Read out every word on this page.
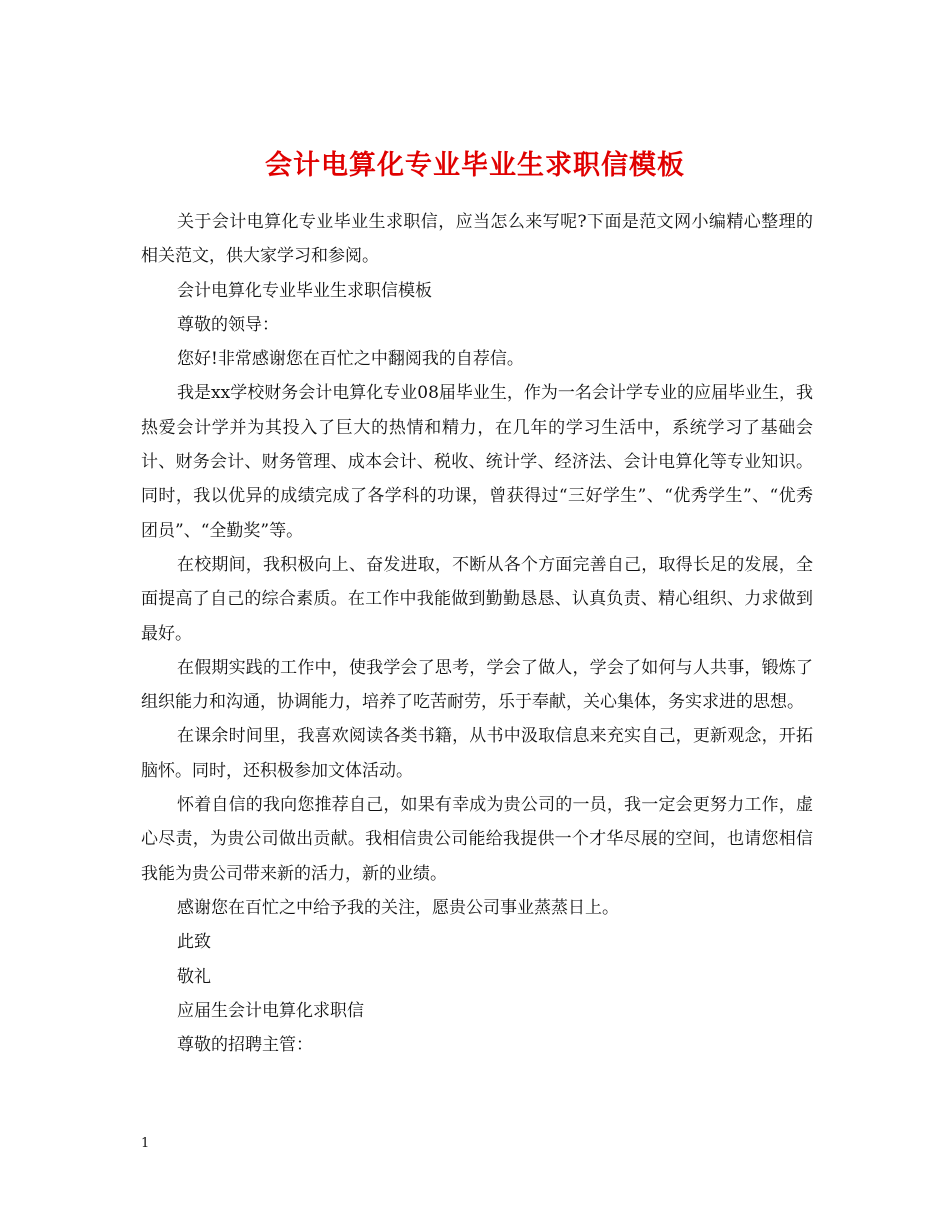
会计电算化专业毕业生求职信模板

关于会计电算化专业毕业生求职信，应当怎么来写呢?下面是范文网小编精心整理的相关范文，供大家学习和参阅。

会计电算化专业毕业生求职信模板

尊敬的领导：

您好!非常感谢您在百忙之中翻阅我的自荐信。

我是xx学校财务会计电算化专业08届毕业生，作为一名会计学专业的应届毕业生，我热爱会计学并为其投入了巨大的热情和精力，在几年的学习生活中，系统学习了基础会计、财务会计、财务管理、成本会计、税收、统计学、经济法、会计电算化等专业知识。同时，我以优异的成绩完成了各学科的功课，曾获得过“三好学生”、“优秀学生”、“优秀团员”、“全勤奖”等。

在校期间，我积极向上、奋发进取，不断从各个方面完善自己，取得长足的发展，全面提高了自己的综合素质。在工作中我能做到勤勤恳恳、认真负责、精心组织、力求做到最好。

在假期实践的工作中，使我学会了思考，学会了做人，学会了如何与人共事，锻炼了组织能力和沟通，协调能力，培养了吃苦耐劳，乐于奉献，关心集体，务实求进的思想。

在课余时间里，我喜欢阅读各类书籍，从书中汲取信息来充实自己，更新观念，开拓脑怀。同时，还积极参加文体活动。

怀着自信的我向您推荐自己，如果有幸成为贵公司的一员，我一定会更努力工作，虚心尽责，为贵公司做出贡献。我相信贵公司能给我提供一个才华尽展的空间，也请您相信我能为贵公司带来新的活力，新的业绩。

感谢您在百忙之中给予我的关注，愿贵公司事业蒸蒸日上。

此致

敬礼

应届生会计电算化求职信

尊敬的招聘主管：

1
